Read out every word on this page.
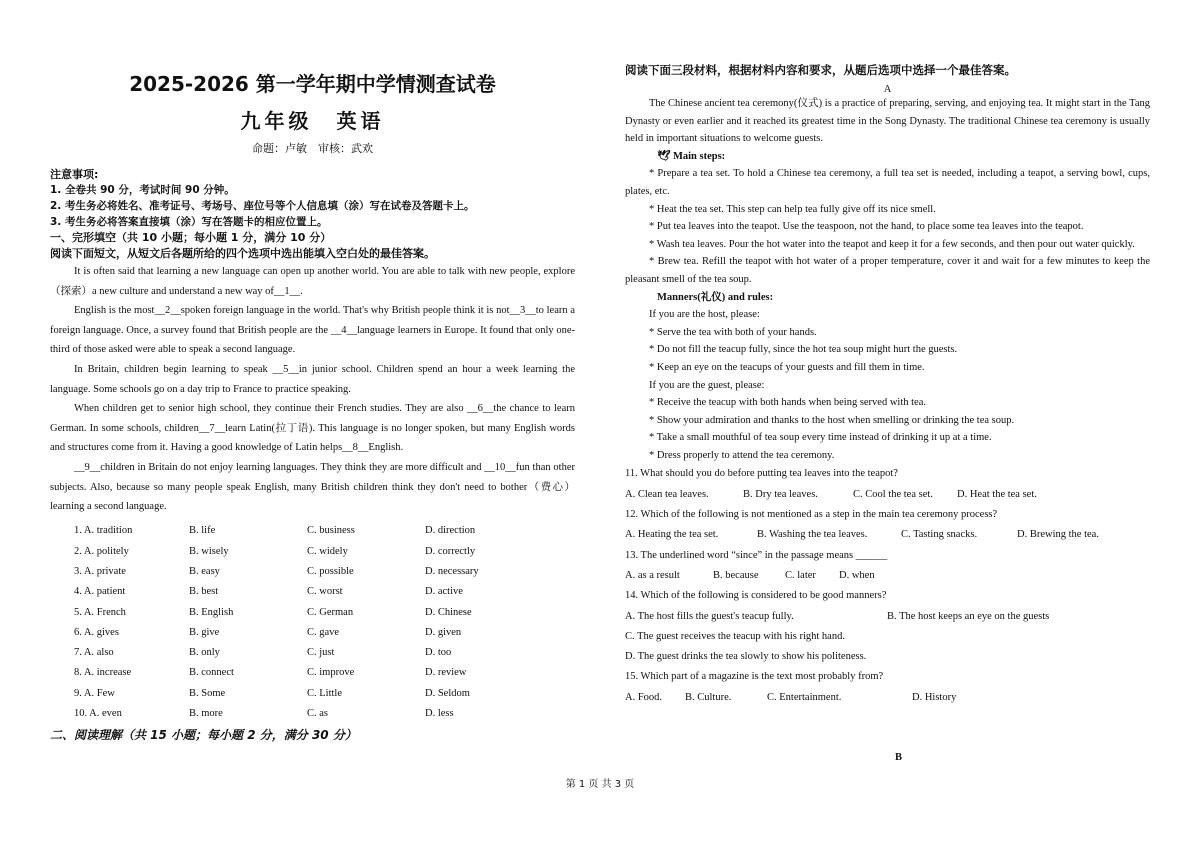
2025-2026 第一学年期中学情测查试卷
九年级　英语
命题：卢敏　审核：武欢
注意事项:
1. 全卷共 90 分，考试时间 90 分钟。
2. 考生务必将姓名、准考证号、考场号、座位号等个人信息填（涂）写在试卷及答题卡上。
3. 考生务必将答案直接填（涂）写在答题卡的相应位置上。
一、完形填空（共 10 小题；每小题 1 分，满分 10 分）
阅读下面短文，从短文后各题所给的四个选项中选出能填入空白处的最佳答案。
It is often said that learning a new language can open up another world. You are able to talk with new people, explore（探索）a new culture and understand a new way of__1__.
English is the most__2__spoken foreign language in the world. That's why British people think it is not__3__to learn a foreign language. Once, a survey found that British people are the __4__language learners in Europe. It found that only one-third of those asked were able to speak a second language.
In Britain, children begin learning to speak __5__in junior school. Children spend an hour a week learning the language. Some schools go on a day trip to France to practice speaking.
When children get to senior high school, they continue their French studies. They are also __6__the chance to learn German. In some schools, children__7__learn Latin(拉丁语). This language is no longer spoken, but many English words and structures come from it. Having a good knowledge of Latin helps__8__English.
__9__children in Britain do not enjoy learning languages. They think they are more difficult and __10__fun than other subjects. Also, because so many people speak English, many British children think they don't need to bother（费心）learning a second language.
1. A. tradition	B. life	C. business	D. direction
2. A. politely	B. wisely	C. widely	D. correctly
3. A. private	B. easy	C. possible	D. necessary
4. A. patient	B. best	C. worst	D. active
5. A. French	B. English	C. German	D. Chinese
6. A. gives	B. give	C. gave	D. given
7. A. also	B. only	C. just	D. too
8. A. increase	B. connect	C. improve	D. review
9. A. Few	B. Some	C. Little	D. Seldom
10. A. even	B. more	C. as	D. less
二、阅读理解（共 15 小题；每小题 2 分，满分 30 分）
阅读下面三段材料，根据材料内容和要求，从题后选项中选择一个最佳答案。
A
The Chinese ancient tea ceremony(仪式) is a practice of preparing, serving, and enjoying tea. It might start in the Tang Dynasty or even earlier and it reached its greatest time in the Song Dynasty. The traditional Chinese tea ceremony is usually held in important situations to welcome guests.
🕊 Main steps:
* Prepare a tea set. To hold a Chinese tea ceremony, a full tea set is needed, including a teapot, a serving bowl, cups, plates, etc.
* Heat the tea set. This step can help tea fully give off its nice smell.
* Put tea leaves into the teapot. Use the teaspoon, not the hand, to place some tea leaves into the teapot.
* Wash tea leaves. Pour the hot water into the teapot and keep it for a few seconds, and then pour out water quickly.
* Brew tea. Refill the teapot with hot water of a proper temperature, cover it and wait for a few minutes to keep the pleasant smell of the tea soup.
Manners(礼仪) and rules:
If you are the host, please:
* Serve the tea with both of your hands.
* Do not fill the teacup fully, since the hot tea soup might hurt the guests.
* Keep an eye on the teacups of your guests and fill them in time.
If you are the guest, please:
* Receive the teacup with both hands when being served with tea.
* Show your admiration and thanks to the host when smelling or drinking the tea soup.
* Take a small mouthful of tea soup every time instead of drinking it up at a time.
* Dress properly to attend the tea ceremony.
11. What should you do before putting tea leaves into the teapot?
A. Clean tea leaves.	B. Dry tea leaves.	C. Cool the tea set.	D. Heat the tea set.
12. Which of the following is not mentioned as a step in the main tea ceremony process?
A. Heating the tea set.	B. Washing the tea leaves.	C. Tasting snacks.	D. Brewing the tea.
13. The underlined word “since” in the passage means ______
A. as a result	B. because	C. later	D. when
14. Which of the following is considered to be good manners?
A. The host fills the guest's teacup fully.	B. The host keeps an eye on the guests
C. The guest receives the teacup with his right hand.
D. The guest drinks the tea slowly to show his politeness.
15. Which part of a magazine is the text most probably from?
A. Food.	B. Culture.	C. Entertainment.	D. History
B
第 1 页 共 3 页
